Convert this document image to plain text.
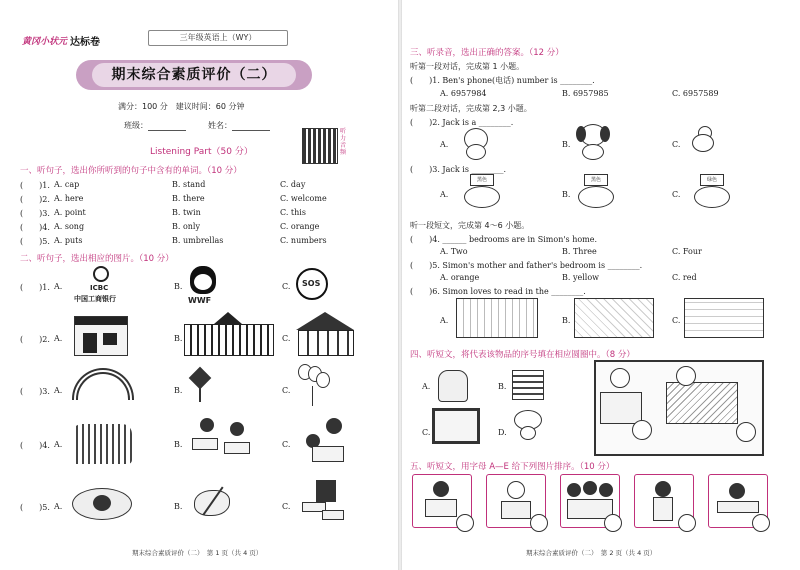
黄冈小状元 达标卷	三年级英语上（WY）
期末综合素质评价（二）
满分：100 分　建议时间：60 分钟
班级：	姓名：
听力音频
Listening Part（50 分）
一、听句子，选出你所听到的句子中含有的单词。（10 分）
(　　)1. A. cap	B. stand	C. day
(　　)2. A. here	B. there	C. welcome
(　　)3. A. point	B. twin	C. this
(　　)4. A. song	B. only	C. orange
(　　)5. A. puts	B. umbrellas	C. numbers
二、听句子，选出相应的图片。（10 分）
(　　)1. A.	ICBC
中国工商银行
B.
WWF
C. SOS
(　　)2. A.	B.	C.
(　　)3. A.	B.	C.
(　　)4. A.	B.	C.
(　　)5. A.	B.	C.
期末综合素质评价（二）　第 1 页（共 4 页）
三、听录音，选出正确的答案。（12 分）
听第一段对话，完成第 1 小题。
(　　)1. Ben's phone(电话) number is ________.
A. 6957984	B. 6957985	C. 6957589
听第二段对话，完成第 2,3 小题。
(　　)2. Jack is a ________.
A.	B.	C.
(　　)3. Jack is ________.
A.
黑色
B.
黑色
C.
绿色
听一段短文，完成第 4～6 小题。
(　　)4. ______ bedrooms are in Simon's home.
A. Two	B. Three	C. Four
(　　)5. Simon's mother and father's bedroom is ________.
A. orange	B. yellow	C. red
(　　)6. Simon loves to read in the ________.
A.	B.	C.
四、听短文，将代表该物品的序号填在相应圆圈中。（8 分）
A.	B.
C.	D.
五、听短文，用字母 A—E 给下列图片排序。（10 分）
期末综合素质评价（二）　第 2 页（共 4 页）
